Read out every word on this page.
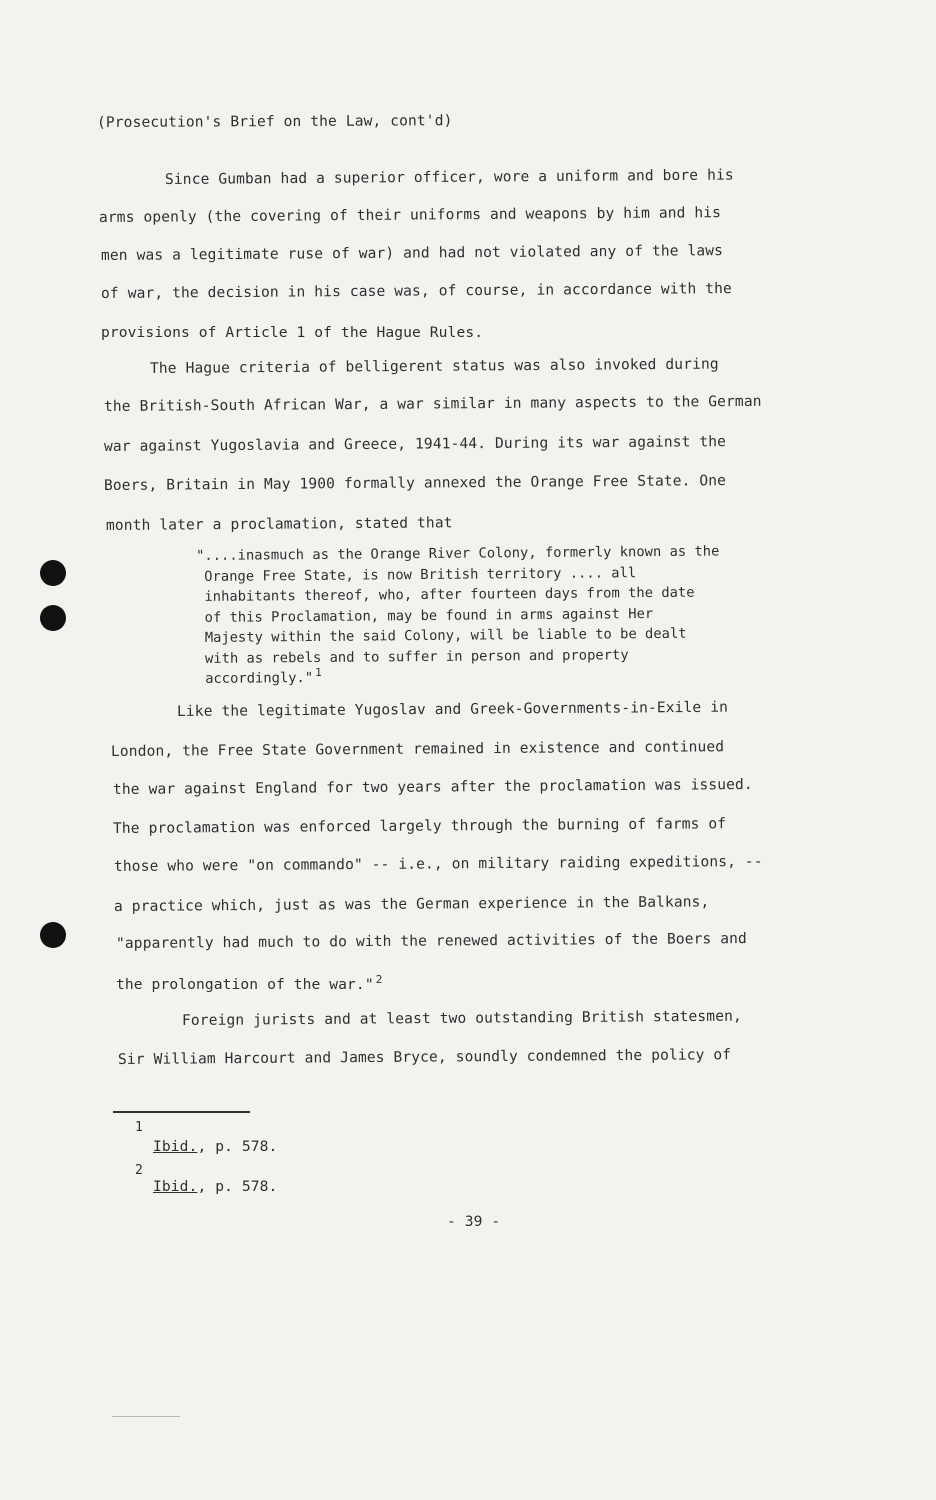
(Prosecution's Brief on the Law, cont'd)
Since Gumban had a superior officer, wore a uniform and bore his
arms openly (the covering of their uniforms and weapons by him and his
men was a legitimate ruse of war) and had not violated any of the laws
of war, the decision in his case was, of course, in accordance with the
provisions of Article 1 of the Hague Rules.
The Hague criteria of belligerent status was also invoked during
the British-South African War, a war similar in many aspects to the German
war against Yugoslavia and Greece, 1941-44. During its war against the
Boers, Britain in May 1900 formally annexed the Orange Free State. One
month later a proclamation, stated that
"....inasmuch as the Orange River Colony, formerly known as the
Orange Free State, is now British territory .... all
inhabitants thereof, who, after fourteen days from the date
of this Proclamation, may be found in arms against Her
Majesty within the said Colony, will be liable to be dealt
with as rebels and to suffer in person and property
accordingly." $^1$
Like the legitimate Yugoslav and Greek-Governments-in-Exile in
London, the Free State Government remained in existence and continued
the war against England for two years after the proclamation was issued.
The proclamation was enforced largely through the burning of farms of
those who were "on commando" -- i.e., on military raiding expeditions, --
a practice which, just as was the German experience in the Balkans,
"apparently had much to do with the renewed activities of the Boers and
the prolongation of the war." $^2$
Foreign jurists and at least two outstanding British statesmen,
Sir William Harcourt and James Bryce, soundly condemned the policy of
1
Ibid., p. 578.
2
Ibid., p. 578.
- 39 -
